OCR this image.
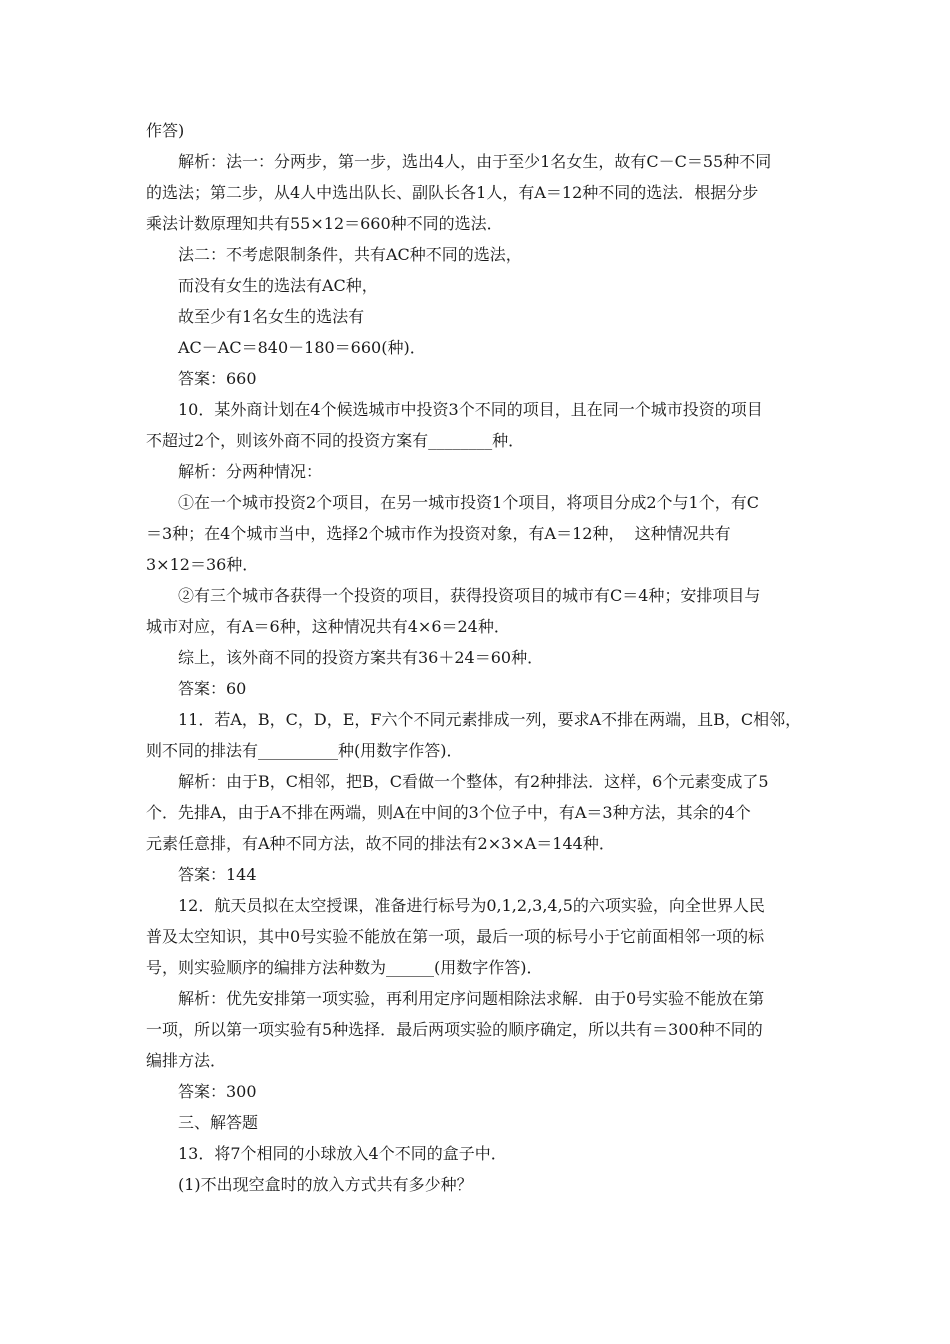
作答)
解析：法一：分两步，第一步，选出4人，由于至少1名女生，故有C－C＝55种不同
的选法；第二步，从4人中选出队长、副队长各1人，有A＝12种不同的选法．根据分步
乘法计数原理知共有55×12＝660种不同的选法．
法二：不考虑限制条件，共有AC种不同的选法，
而没有女生的选法有AC种，
故至少有1名女生的选法有
AC－AC＝840－180＝660(种)．
答案：660
10．某外商计划在4个候选城市中投资3个不同的项目，且在同一个城市投资的项目
不超过2个，则该外商不同的投资方案有________种．
解析：分两种情况：
①在一个城市投资2个项目，在另一城市投资1个项目，将项目分成2个与1个，有C
＝3种；在4个城市当中，选择2个城市作为投资对象，有A＝12种，  这种情况共有
3×12＝36种．
②有三个城市各获得一个投资的项目，获得投资项目的城市有C＝4种；安排项目与
城市对应，有A＝6种，这种情况共有4×6＝24种．
综上，该外商不同的投资方案共有36＋24＝60种．
答案：60
11．若A，B，C，D，E，F六个不同元素排成一列，要求A不排在两端，且B，C相邻，
则不同的排法有__________种(用数字作答)．
解析：由于B，C相邻，把B，C看做一个整体，有2种排法．这样，6个元素变成了5
个．先排A，由于A不排在两端，则A在中间的3个位子中，有A＝3种方法，其余的4个
元素任意排，有A种不同方法，故不同的排法有2×3×A＝144种．
答案：144
12．航天员拟在太空授课，准备进行标号为0,1,2,3,4,5的六项实验，向全世界人民
普及太空知识，其中0号实验不能放在第一项，最后一项的标号小于它前面相邻一项的标
号，则实验顺序的编排方法种数为______(用数字作答)．
解析：优先安排第一项实验，再利用定序问题相除法求解．由于0号实验不能放在第
一项，所以第一项实验有5种选择．最后两项实验的顺序确定，所以共有＝300种不同的
编排方法．
答案：300
三、解答题
13．将7个相同的小球放入4个不同的盒子中．
(1)不出现空盒时的放入方式共有多少种？
